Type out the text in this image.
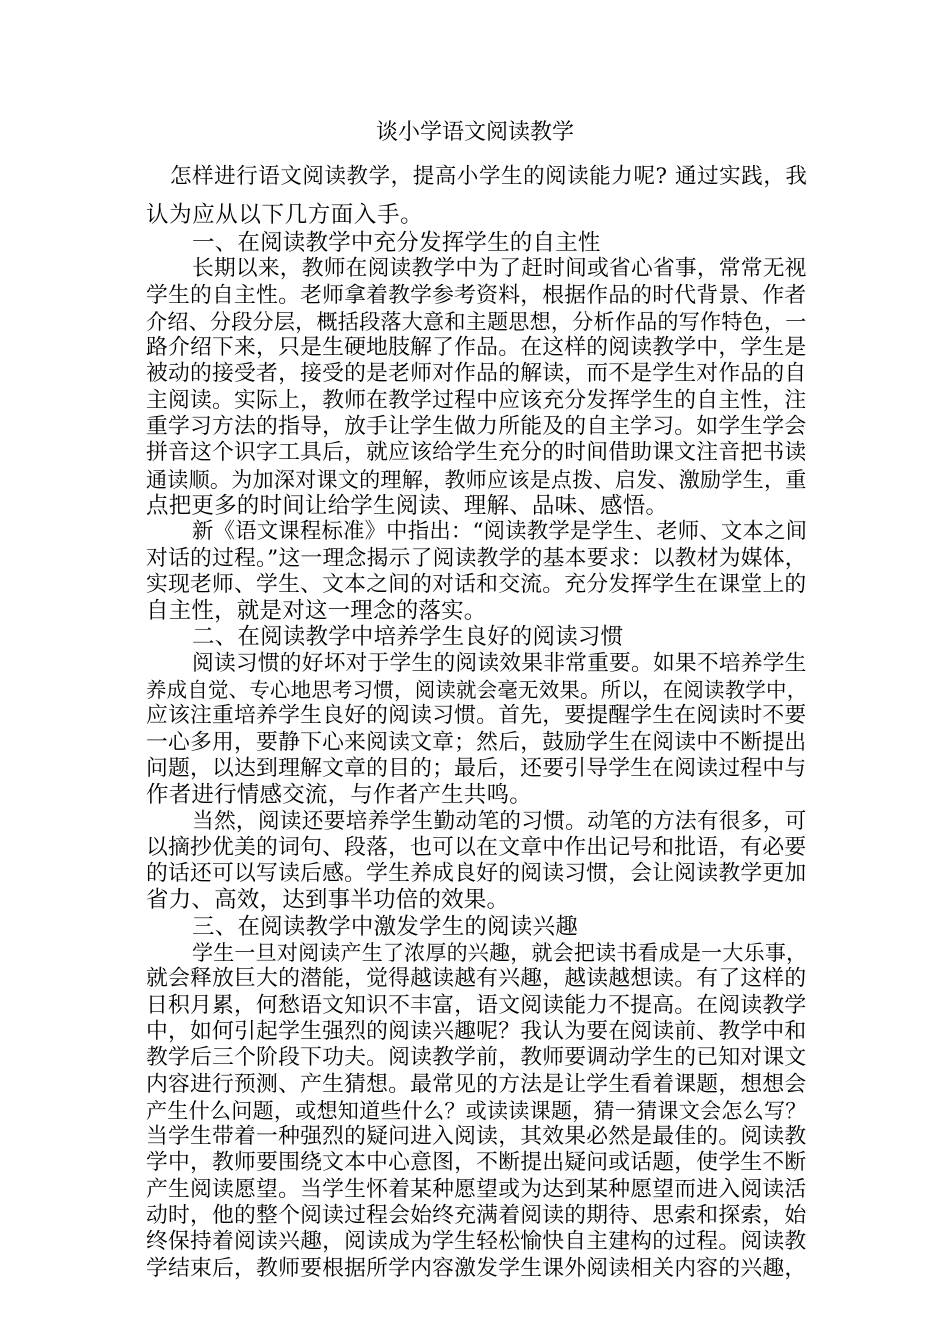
谈小学语文阅读教学
怎样进行语文阅读教学，提高小学生的阅读能力呢? 通过实践，我
认为应从以下几方面入手。
一、在阅读教学中充分发挥学生的自主性
长期以来，教师在阅读教学中为了赶时间或省心省事，常常无视
学生的自主性。老师拿着教学参考资料，根据作品的时代背景、作者
介绍、分段分层，概括段落大意和主题思想，分析作品的写作特色，一
路介绍下来，只是生硬地肢解了作品。在这样的阅读教学中，学生是
被动的接受者，接受的是老师对作品的解读，而不是学生对作品的自
主阅读。实际上，教师在教学过程中应该充分发挥学生的自主性，注
重学习方法的指导，放手让学生做力所能及的自主学习。如学生学会
拼音这个识字工具后，就应该给学生充分的时间借助课文注音把书读
通读顺。为加深对课文的理解，教师应该是点拨、启发、激励学生，重
点把更多的时间让给学生阅读、理解、品味、感悟。
新《语文课程标准》中指出：“阅读教学是学生、老师、文本之间
对话的过程。”这一理念揭示了阅读教学的基本要求：以教材为媒体，
实现老师、学生、文本之间的对话和交流。充分发挥学生在课堂上的
自主性，就是对这一理念的落实。
二、在阅读教学中培养学生良好的阅读习惯
阅读习惯的好坏对于学生的阅读效果非常重要。如果不培养学生
养成自觉、专心地思考习惯，阅读就会毫无效果。所以，在阅读教学中，
应该注重培养学生良好的阅读习惯。首先，要提醒学生在阅读时不要
一心多用，要静下心来阅读文章；然后，鼓励学生在阅读中不断提出
问题，以达到理解文章的目的；最后，还要引导学生在阅读过程中与
作者进行情感交流，与作者产生共鸣。
当然，阅读还要培养学生勤动笔的习惯。动笔的方法有很多，可
以摘抄优美的词句、段落，也可以在文章中作出记号和批语，有必要
的话还可以写读后感。学生养成良好的阅读习惯，会让阅读教学更加
省力、高效，达到事半功倍的效果。
三、在阅读教学中激发学生的阅读兴趣
学生一旦对阅读产生了浓厚的兴趣，就会把读书看成是一大乐事，
就会释放巨大的潜能，觉得越读越有兴趣，越读越想读。有了这样的
日积月累，何愁语文知识不丰富，语文阅读能力不提高。在阅读教学
中，如何引起学生强烈的阅读兴趣呢？我认为要在阅读前、教学中和
教学后三个阶段下功夫。阅读教学前，教师要调动学生的已知对课文
内容进行预测、产生猜想。最常见的方法是让学生看着课题，想想会
产生什么问题，或想知道些什么？或读读课题，猜一猜课文会怎么写？
当学生带着一种强烈的疑问进入阅读，其效果必然是最佳的。阅读教
学中，教师要围绕文本中心意图，不断提出疑问或话题，使学生不断
产生阅读愿望。当学生怀着某种愿望或为达到某种愿望而进入阅读活
动时，他的整个阅读过程会始终充满着阅读的期待、思索和探索，始
终保持着阅读兴趣，阅读成为学生轻松愉快自主建构的过程。阅读教
学结束后，教师要根据所学内容激发学生课外阅读相关内容的兴趣，
